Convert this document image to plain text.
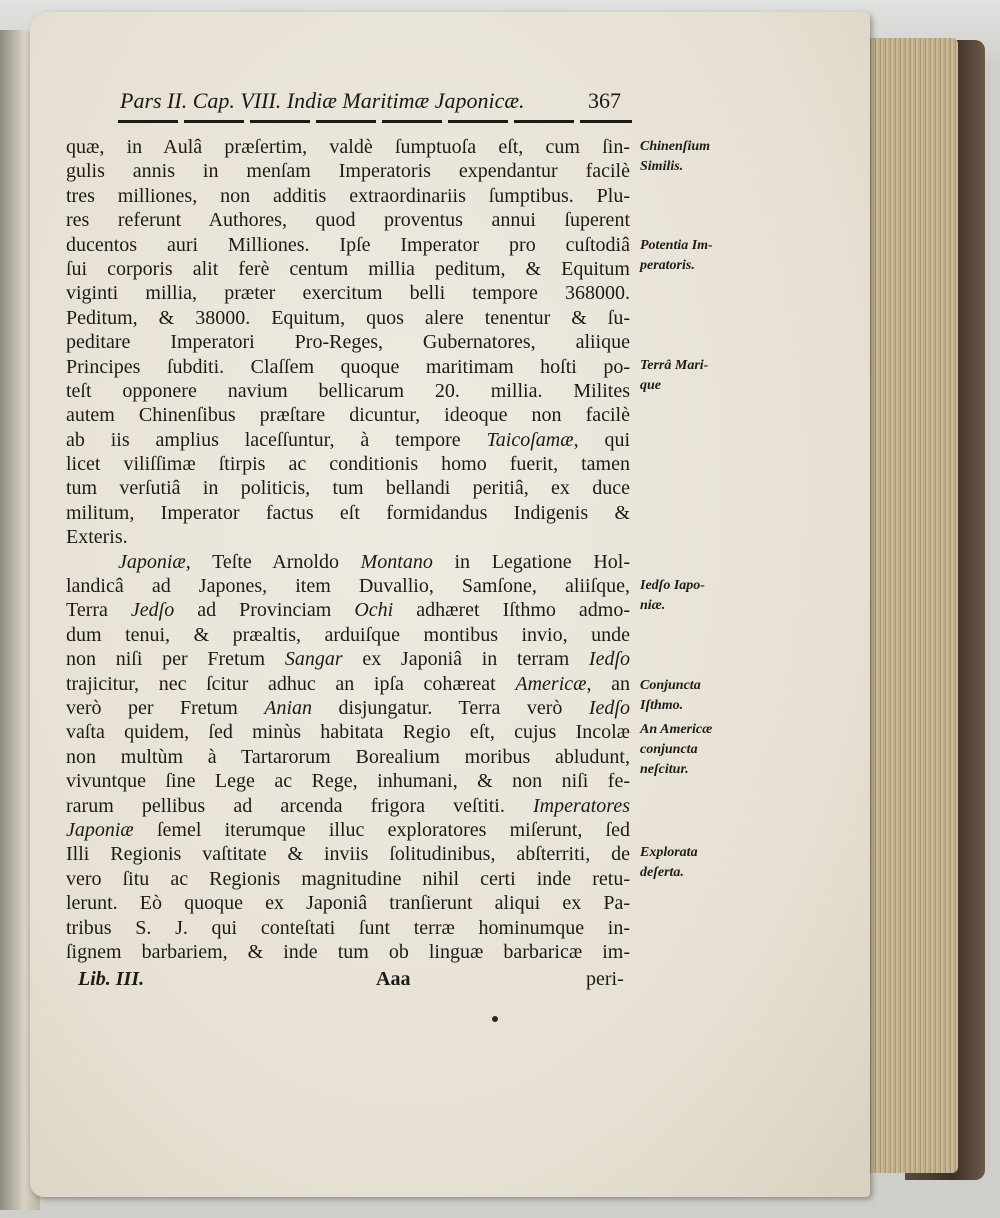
Pars II. Cap. VIII. Indiæ Maritimæ Japonicæ.	367
quæ, in Aulâ præſertim, valdè ſumptuoſa eſt, cum ſin-
gulis annis in menſam Imperatoris expendantur facilè
tres milliones, non additis extraordinariis ſumptibus. Plu-
res referunt Authores, quod proventus annui ſuperent
ducentos auri Milliones. Ipſe Imperator pro cuſtodiâ
ſui corporis alit ferè centum millia peditum, & Equitum
viginti millia, præter exercitum belli tempore 368000.
Peditum, & 38000. Equitum, quos alere tenentur & ſu-
peditare Imperatori Pro-Reges, Gubernatores, aliique
Principes ſubditi. Claſſem quoque maritimam hoſti po-
teſt opponere navium bellicarum 20. millia. Milites
autem Chinenſibus præſtare dicuntur, ideoque non facilè
ab iis amplius laceſſuntur, à tempore Taicoſamæ, qui
licet viliſſimæ ſtirpis ac conditionis homo fuerit, tamen
tum verſutiâ in politicis, tum bellandi peritiâ, ex duce
militum, Imperator factus eſt formidandus Indigenis &
Exteris.
Japoniæ, Teſte Arnoldo Montano in Legatione Hol-
landicâ ad Japones, item Duvallio, Samſone, aliiſque,
Terra Jedſo ad Provinciam Ochi adhæret Iſthmo admo-
dum tenui, & præaltis, arduiſque montibus invio, unde
non niſi per Fretum Sangar ex Japoniâ in terram Iedſo
trajicitur, nec ſcitur adhuc an ipſa cohæreat Americæ, an
verò per Fretum Anian disjungatur. Terra verò Iedſo
vaſta quidem, ſed minùs habitata Regio eſt, cujus Incolæ
non multùm à Tartarorum Borealium moribus abludunt,
vivuntque ſine Lege ac Rege, inhumani, & non niſi fe-
rarum pellibus ad arcenda frigora veſtiti. Imperatores
Japoniæ ſemel iterumque illuc exploratores miſerunt, ſed
Illi Regionis vaſtitate & inviis ſolitudinibus, abſterriti, de
vero ſitu ac Regionis magnitudine nihil certi inde retu-
lerunt. Eò quoque ex Japoniâ tranſierunt aliqui ex Pa-
tribus S. J. qui conteſtati ſunt terræ hominumque in-
ſignem barbariem, & inde tum ob linguæ barbaricæ im-
Chinenſium
Similis.
Potentia Im-
peratoris.
Terrâ Mari-
que
Iedſo Iapo-
niæ.
Conjuncta
Iſthmo.
An Americæ
conjuncta
neſcitur.
Explorata
deſerta.
Lib. III.	Aaa	peri-
